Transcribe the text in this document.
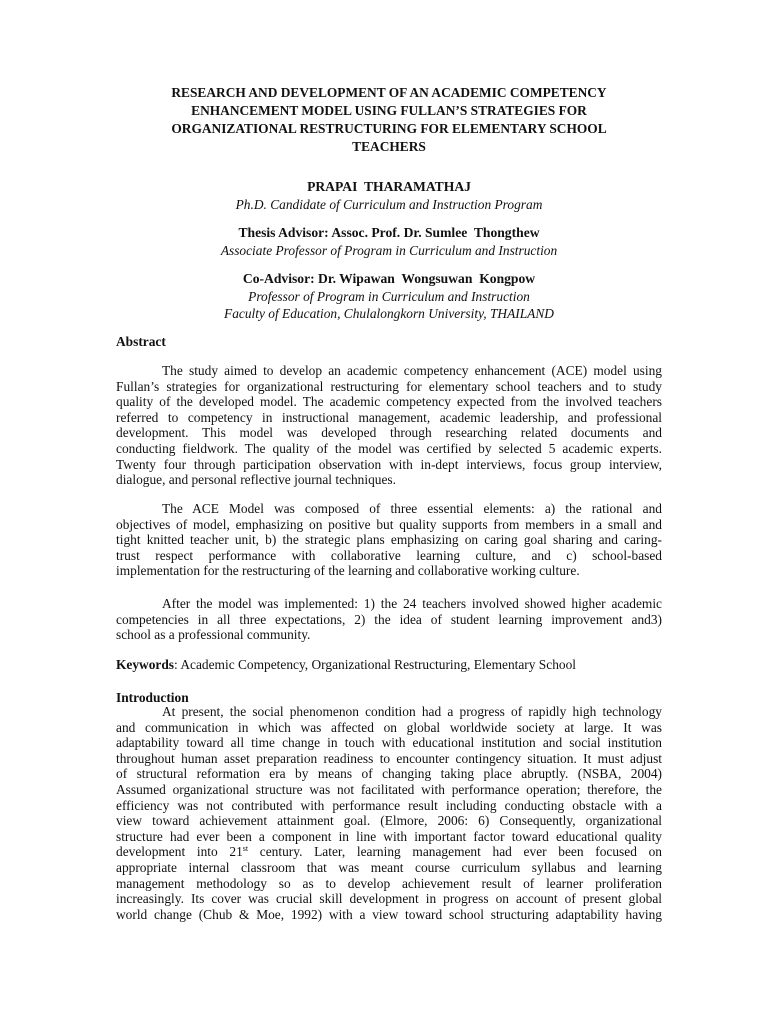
RESEARCH AND DEVELOPMENT OF AN ACADEMIC COMPETENCY
ENHANCEMENT MODEL USING FULLAN’S STRATEGIES FOR
ORGANIZATIONAL RESTRUCTURING FOR ELEMENTARY SCHOOL
TEACHERS
PRAPAI  THARAMATHAJ
Ph.D. Candidate of Curriculum and Instruction Program
Thesis Advisor: Assoc. Prof. Dr. Sumlee  Thongthew
Associate Professor of Program in Curriculum and Instruction
Co-Advisor: Dr. Wipawan  Wongsuwan  Kongpow
Professor of Program in Curriculum and Instruction
Faculty of Education, Chulalongkorn University, THAILAND
Abstract
The study aimed to develop an academic competency enhancement (ACE) model using
Fullan’s strategies for organizational restructuring for elementary school teachers and to study
quality of the developed model. The academic competency expected from the involved teachers
referred to competency in instructional management, academic leadership, and professional
development. This model was developed through researching related documents and
conducting fieldwork. The quality of the model was certified by selected 5 academic experts.
Twenty four through participation observation with in-dept interviews, focus group interview,
dialogue, and personal reflective journal techniques.
The ACE Model was composed of three essential elements: a) the rational and
objectives of model, emphasizing on positive but quality supports from members in a small and
tight knitted teacher unit, b) the strategic plans emphasizing on caring goal sharing and caring-
trust respect performance with collaborative learning culture, and c) school-based
implementation for the restructuring of the learning and collaborative working culture.
After the model was implemented: 1) the 24 teachers involved showed higher academic
competencies in all three expectations, 2) the idea of student learning improvement and3)
school as a professional community.
Keywords: Academic Competency, Organizational Restructuring, Elementary School
Introduction
At present, the social phenomenon condition had a progress of rapidly high technology
and communication in which was affected on global worldwide society at large. It was
adaptability toward all time change in touch with educational institution and social institution
throughout human asset preparation readiness to encounter contingency situation. It must adjust
of structural reformation era by means of changing taking place abruptly. (NSBA, 2004)
Assumed organizational structure was not facilitated with performance operation; therefore, the
efficiency was not contributed with performance result including conducting obstacle with a
view toward achievement attainment goal. (Elmore, 2006: 6) Consequently, organizational
structure had ever been a component in line with important factor toward educational quality
development into 21st century. Later, learning management had ever been focused on
appropriate internal classroom that was meant course curriculum syllabus and learning
management methodology so as to develop achievement result of learner proliferation
increasingly. Its cover was crucial skill development in progress on account of present global
world change (Chub & Moe, 1992) with a view toward school structuring adaptability having
